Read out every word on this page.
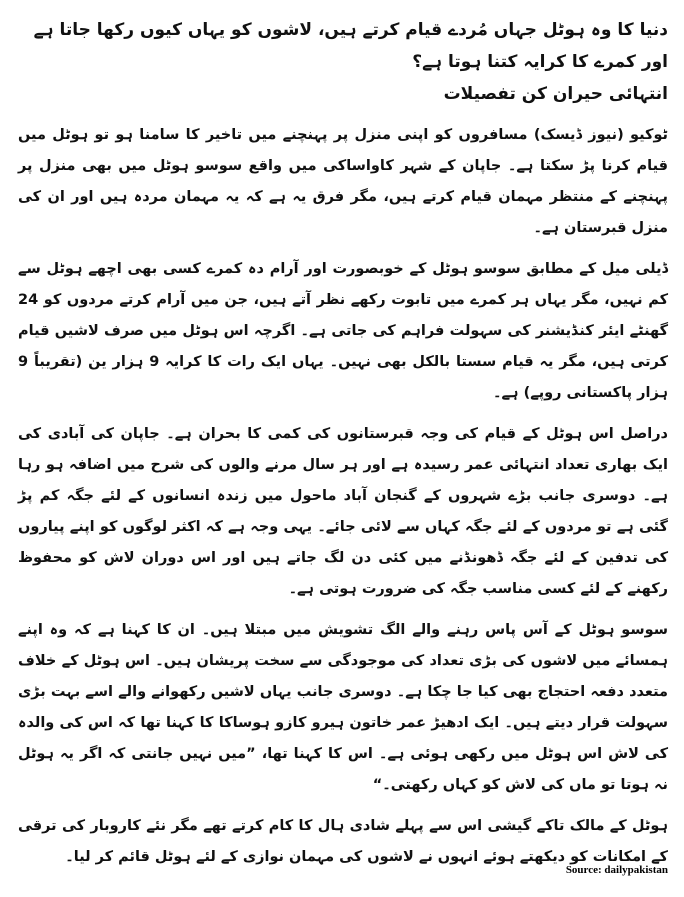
دنیا کا وہ ہوٹل جہاں مُردے قیام کرتے ہیں، لاشوں کو یہاں کیوں رکھا جاتا ہے اور کمرے کا کرایہ کتنا ہوتا ہے؟
انتہائی حیران کن تفصیلات

ٹوکیو (نیوز ڈیسک) مسافروں کو اپنی منزل پر پہنچنے میں تاخیر کا سامنا ہو تو ہوٹل میں قیام کرنا پڑ سکتا ہے۔ جاپان کے شہر کاواساکی میں واقع سوسو ہوٹل میں بھی منزل پر پہنچنے کے منتظر مہمان قیام کرتے ہیں، مگر فرق یہ ہے کہ یہ مہمان مردہ ہیں اور ان کی منزل قبرستان ہے۔

ڈیلی میل کے مطابق سوسو ہوٹل کے خوبصورت اور آرام دہ کمرے کسی بھی اچھے ہوٹل سے کم نہیں، مگر یہاں ہر کمرے میں تابوت رکھے نظر آتے ہیں، جن میں آرام کرتے مردوں کو 24 گھنٹے ایئر کنڈیشنر کی سہولت فراہم کی جاتی ہے۔ اگرچہ اس ہوٹل میں صرف لاشیں قیام کرتی ہیں، مگر یہ قیام سستا بالکل بھی نہیں۔ یہاں ایک رات کا کرایہ 9 ہزار ین (تقریباً 9 ہزار پاکستانی روپے) ہے۔

دراصل اس ہوٹل کے قیام کی وجہ قبرستانوں کی کمی کا بحران ہے۔ جاپان کی آبادی کی ایک بھاری تعداد انتہائی عمر رسیدہ ہے اور ہر سال مرنے والوں کی شرح میں اضافہ ہو رہا ہے۔ دوسری جانب بڑے شہروں کے گنجان آباد ماحول میں زندہ انسانوں کے لئے جگہ کم پڑ گئی ہے تو مردوں کے لئے جگہ کہاں سے لائی جائے۔ یہی وجہ ہے کہ اکثر لوگوں کو اپنے پیاروں کی تدفین کے لئے جگہ ڈھونڈنے میں کئی دن لگ جاتے ہیں اور اس دوران لاش کو محفوظ رکھنے کے لئے کسی مناسب جگہ کی ضرورت ہوتی ہے۔

سوسو ہوٹل کے آس پاس رہنے والے الگ تشویش میں مبتلا ہیں۔ ان کا کہنا ہے کہ وہ اپنے ہمسائے میں لاشوں کی بڑی تعداد کی موجودگی سے سخت پریشان ہیں۔ اس ہوٹل کے خلاف متعدد دفعہ احتجاج بھی کیا جا چکا ہے۔ دوسری جانب یہاں لاشیں رکھوانے والے اسے بہت بڑی سہولت قرار دیتے ہیں۔ ایک ادھیڑ عمر خاتون ہیرو کازو ہوساکا کا کہنا تھا کہ اس کی والدہ کی لاش اس ہوٹل میں رکھی ہوئی ہے۔ اس کا کہنا تھا، ”میں نہیں جانتی کہ اگر یہ ہوٹل نہ ہوتا تو ماں کی لاش کو کہاں رکھتی۔“

ہوٹل کے مالک تاکے گیشی اس سے پہلے شادی ہال کا کام کرتے تھے مگر نئے کاروبار کی ترقی کے امکانات کو دیکھتے ہوئے انہوں نے لاشوں کی مہمان نوازی کے لئے ہوٹل قائم کر لیا۔

Source: dailypakistan
